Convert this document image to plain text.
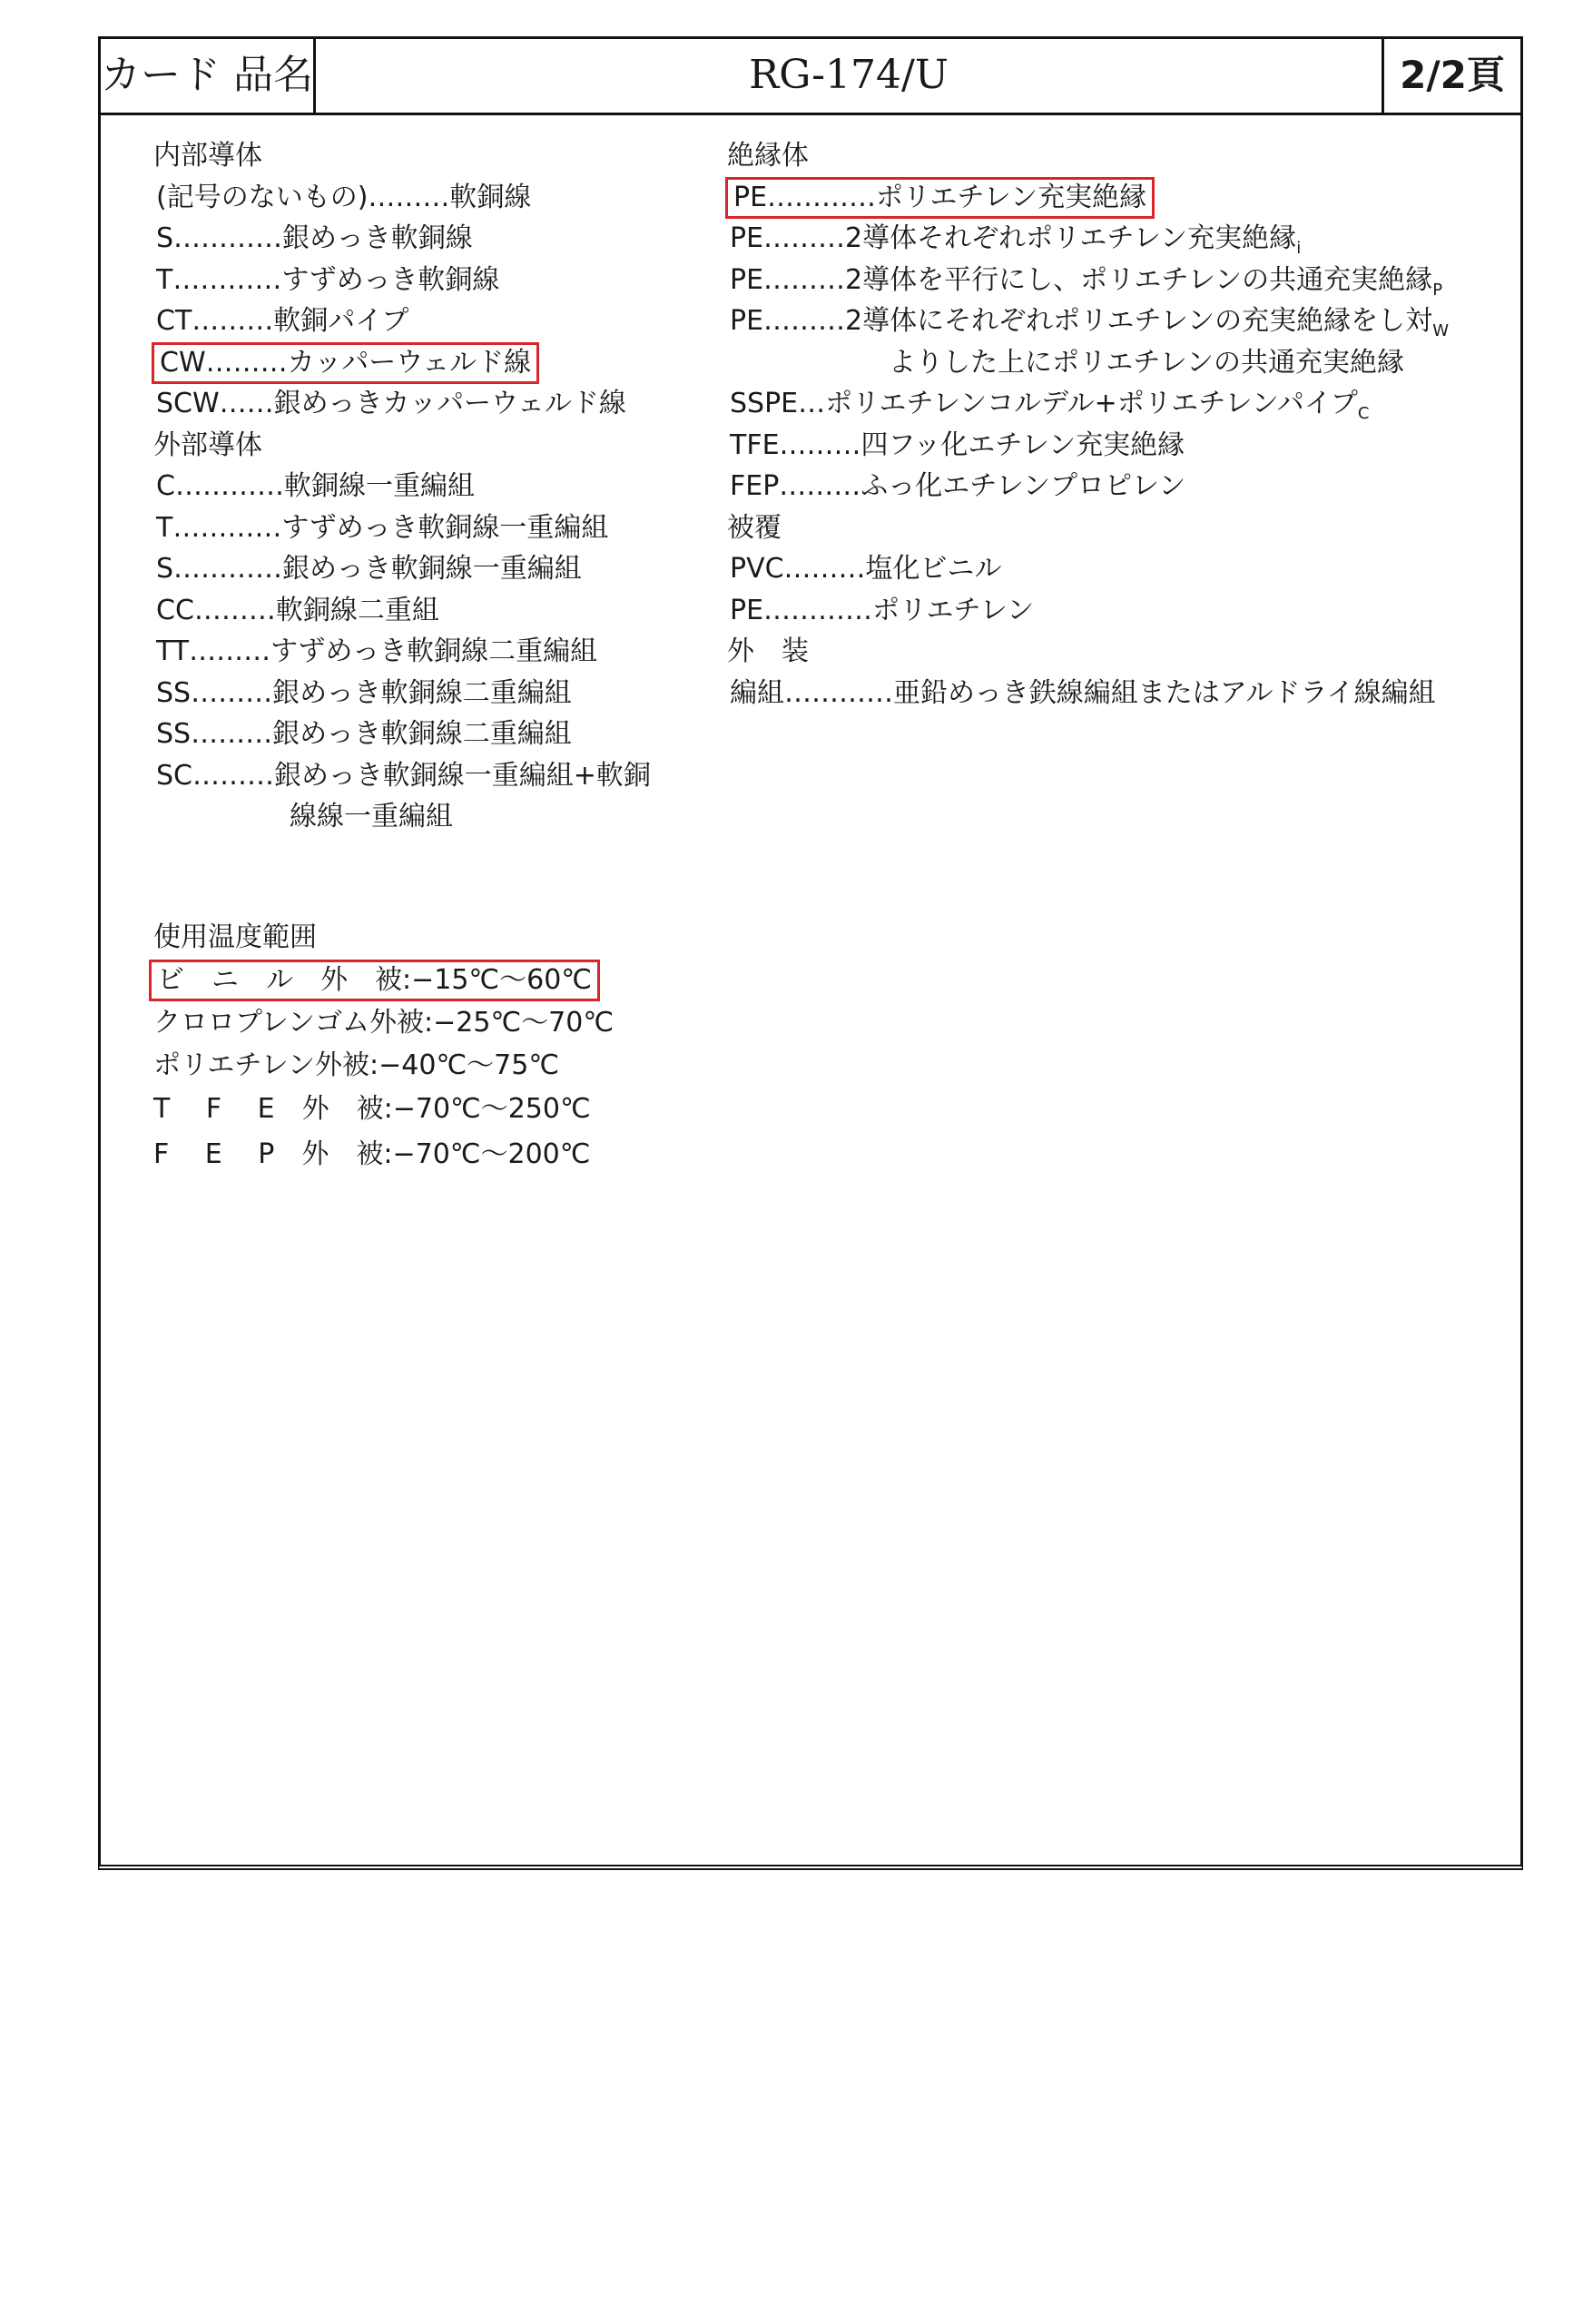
カード 品名	RG-174/U	2/2頁
内部導体
(記号のないもの)………軟銅線
S…………銀めっき軟銅線
T…………すずめっき軟銅線
CT………軟銅パイプ
CW………カッパーウェルド線
SCW……銀めっきカッパーウェルド線
外部導体
C…………軟銅線一重編組
T…………すずめっき軟銅線一重編組
S…………銀めっき軟銅線一重編組
CC………軟銅線二重組
TT………すずめっき軟銅線二重編組
SS………銀めっき軟銅線二重編組
SS………銀めっき軟銅線二重編組
SC………銀めっき軟銅線一重編組+軟銅
線線一重編組
絶縁体
PE…………ポリエチレン充実絶縁
PE………2導体それぞれポリエチレン充実絶縁$_i$
PE………2導体を平行にし、ポリエチレンの共通充実絶縁$_P$
PE………2導体にそれぞれポリエチレンの充実絶縁をし対$_W$
よりした上にポリエチレンの共通充実絶縁
SSPE…ポリエチレンコルデル+ポリエチレンパイプ$_C$
TFE………四フッ化エチレン充実絶縁
FEP………ふっ化エチレンプロピレン
被覆
PVC………塩化ビニル
PE…………ポリエチレン
外　装
編組…………亜鉛めっき鉄線編組またはアルドライ線編組
使用温度範囲
ビ　ニ　ル　外　被:−15℃〜60℃
クロロプレンゴム外被:−25℃〜70℃
ポリエチレン外被:−40℃〜75℃
T　 F　 E　外　被:−70℃〜250℃
F　 E　 P　外　被:−70℃〜200℃
